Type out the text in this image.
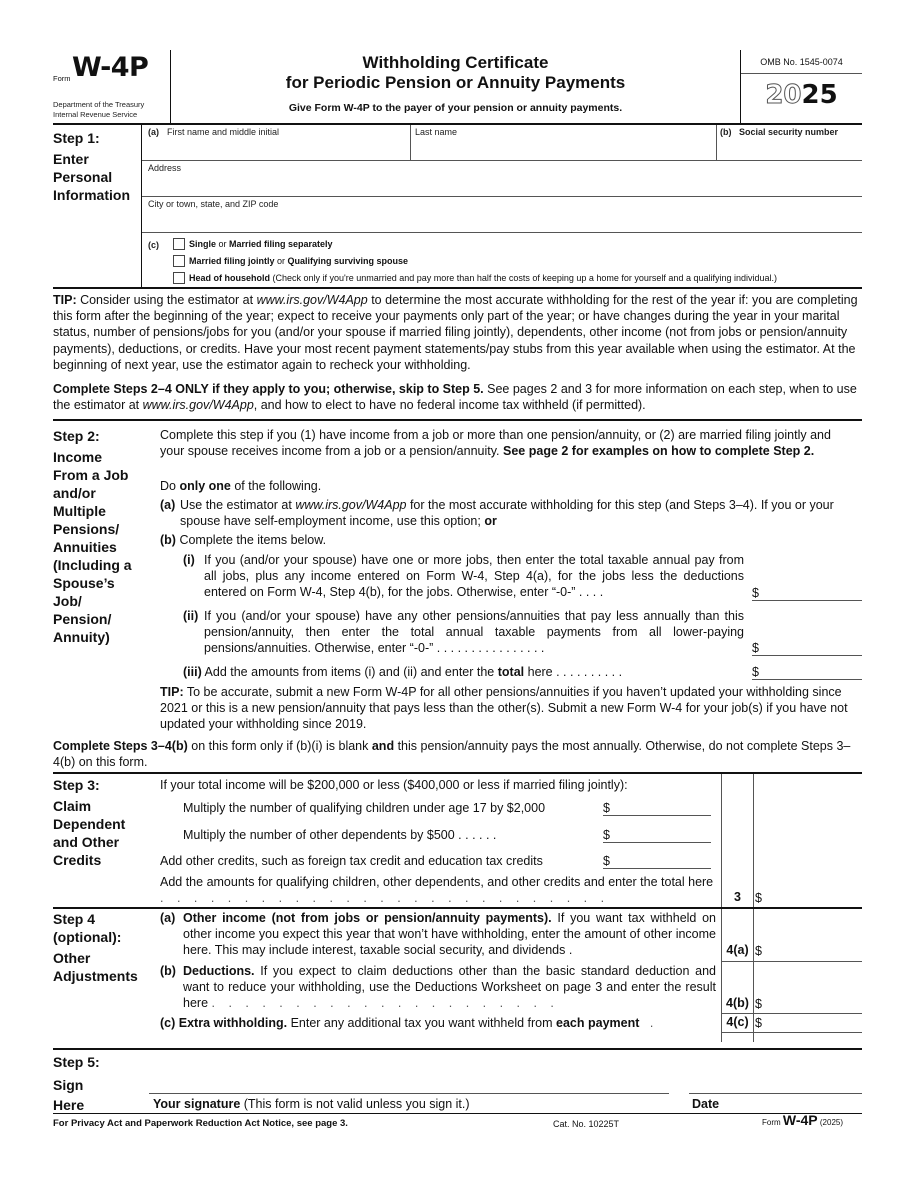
Form W-4P
Department of the Treasury
Internal Revenue Service
Withholding Certificate
for Periodic Pension or Annuity Payments
Give Form W-4P to the payer of your pension or annuity payments.
OMB No. 1545-0074
2025
Step 1:
Enter
Personal
Information
(a) First name and middle initial	Last name	(b) Social security number
Address
City or town, state, and ZIP code
(c)	Single or Married filing separately
Married filing jointly or Qualifying surviving spouse
Head of household (Check only if you're unmarried and pay more than half the costs of keeping up a home for yourself and a qualifying individual.)
TIP: Consider using the estimator at www.irs.gov/W4App to determine the most accurate withholding for the rest of the year if: you are completing this form after the beginning of the year; expect to receive your payments only part of the year; or have changes during the year in your marital status, number of pensions/jobs for you (and/or your spouse if married filing jointly), dependents, other income (not from jobs or pension/annuity payments), deductions, or credits. Have your most recent payment statements/pay stubs from this year available when using the estimator. At the beginning of next year, use the estimator again to recheck your withholding.
Complete Steps 2–4 ONLY if they apply to you; otherwise, skip to Step 5. See pages 2 and 3 for more information on each step, when to use the estimator at www.irs.gov/W4App, and how to elect to have no federal income tax withheld (if permitted).
Step 2:
Income
From a Job
and/or
Multiple
Pensions/
Annuities
(Including a
Spouse’s
Job/
Pension/
Annuity)
Complete this step if you (1) have income from a job or more than one pension/annuity, or (2) are married filing jointly and your spouse receives income from a job or a pension/annuity. See page 2 for examples on how to complete Step 2.
Do only one of the following.
(a) Use the estimator at www.irs.gov/W4App for the most accurate withholding for this step (and Steps 3–4). If you or your spouse have self-employment income, use this option; or
(b) Complete the items below.
(i) If you (and/or your spouse) have one or more jobs, then enter the total taxable annual pay from all jobs, plus any income entered on Form W-4, Step 4(a), for the jobs less the deductions entered on Form W-4, Step 4(b), for the jobs. Otherwise, enter “-0-” . . . .	$
(ii) If you (and/or your spouse) have any other pensions/annuities that pay less annually than this pension/annuity, then enter the total annual taxable payments from all lower-paying pensions/annuities. Otherwise, enter “-0-” . . . . . . . . . . . . . . . .	$
(iii) Add the amounts from items (i) and (ii) and enter the total here . . . . . . . . . .	$
TIP: To be accurate, submit a new Form W-4P for all other pensions/annuities if you haven’t updated your withholding since 2021 or this is a new pension/annuity that pays less than the other(s). Submit a new Form W-4 for your job(s) if you have not updated your withholding since 2019.
Complete Steps 3–4(b) on this form only if (b)(i) is blank and this pension/annuity pays the most annually. Otherwise, do not complete Steps 3–4(b) on this form.
Step 3:
Claim
Dependent
and Other
Credits
If your total income will be $200,000 or less ($400,000 or less if married filing jointly):
Multiply the number of qualifying children under age 17 by $2,000	$
Multiply the number of other dependents by $500 . . . . . .	$
Add other credits, such as foreign tax credit and education tax credits	$
Add the amounts for qualifying children, other dependents, and other credits and enter the total here . . . . . . . . . . . . . . . . . . . . . . . . . . .	3	$
Step 4
(optional):
Other
Adjustments
(a) Other income (not from jobs or pension/annuity payments). If you want tax withheld on other income you expect this year that won’t have withholding, enter the amount of other income here. This may include interest, taxable social security, and dividends .	4(a) $
(b) Deductions. If you expect to claim deductions other than the basic standard deduction and want to reduce your withholding, use the Deductions Worksheet on page 3 and enter the result here . . . . . . . . . . . . . . . . . . . . .	4(b) $
(c) Extra withholding. Enter any additional tax you want withheld from each payment   .	4(c) $
Step 5:
Sign
Here	Your signature (This form is not valid unless you sign it.)	Date
For Privacy Act and Paperwork Reduction Act Notice, see page 3.	Cat. No. 10225T	Form W-4P (2025)
